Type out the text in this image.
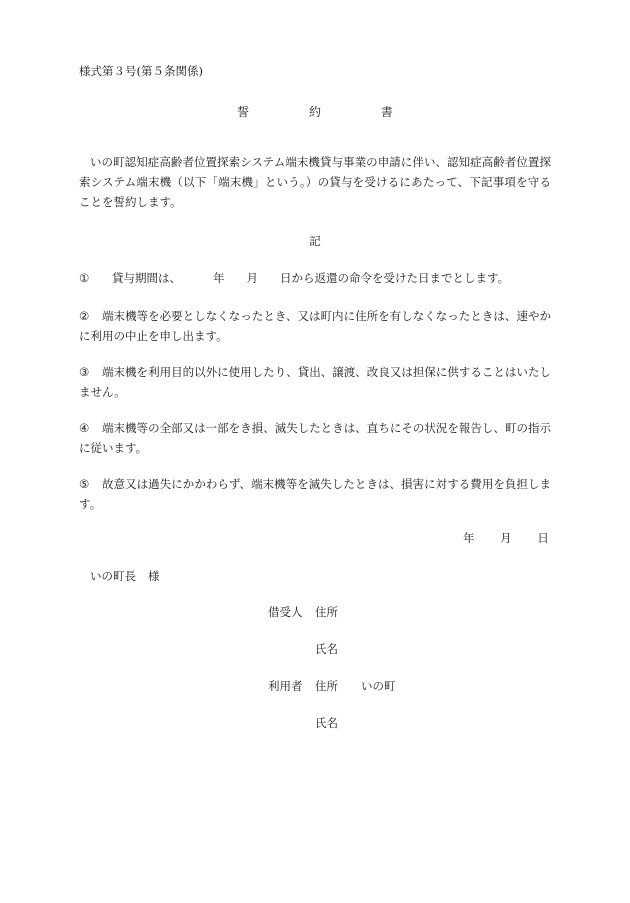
様式第３号(第５条関係)
誓	約	書
いの町認知症高齢者位置探索システム端末機貸与事業の申請に伴い、認知症高齢者位置探索システム端末機（以下「端末機」という。）の貸与を受けるにあたって、下記事項を守ることを誓約します。
記
① 貸与期間は、	年 月 日から返還の命令を受けた日までとします。
② 端末機等を必要としなくなったとき、又は町内に住所を有しなくなったときは、速やかに利用の中止を申し出ます。
③ 端末機を利用目的以外に使用したり、貸出、譲渡、改良又は担保に供することはいたしません。
④ 端末機等の全部又は一部をき損、滅失したときは、直ちにその状況を報告し、町の指示に従います。
⑤ 故意又は過失にかかわらず、端末機等を滅失したときは、損害に対する費用を負担します。
年 月 日
いの町長 様
借受人 住所
氏名
利用者 住所 いの町
氏名
